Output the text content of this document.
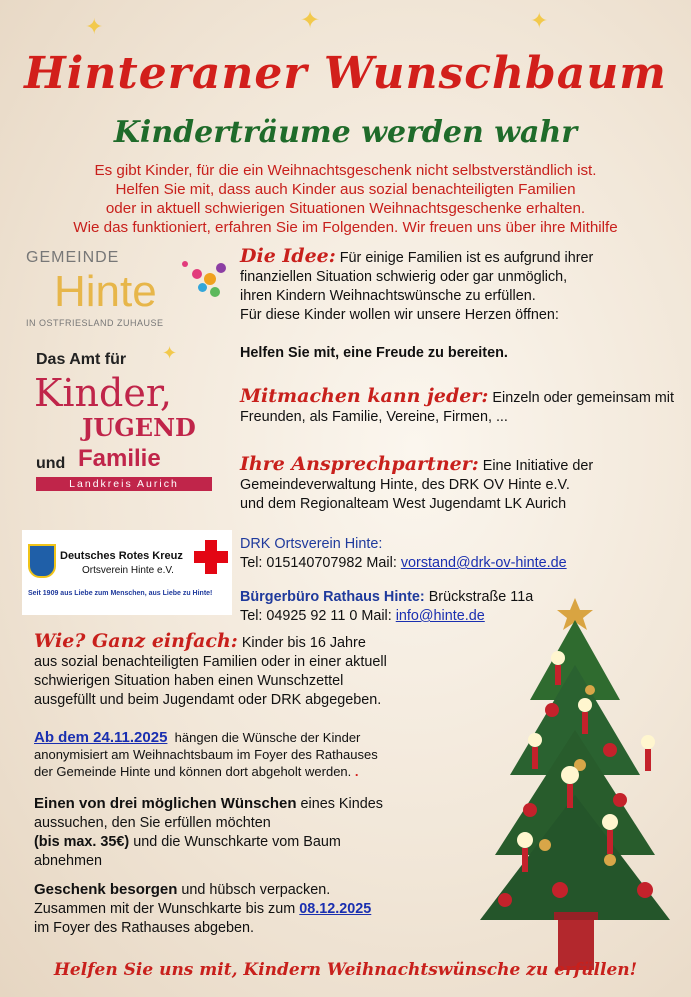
✦	✦	✦
Hinteraner Wunschbaum
Kinderträume werden wahr
Es gibt Kinder, für die ein Weihnachtsgeschenk nicht selbstverständlich ist.
Helfen Sie mit, dass auch Kinder aus sozial benachteiligten Familien
oder in aktuell schwierigen Situationen Weihnachtsgeschenke erhalten.
Wie das funktioniert, erfahren Sie im Folgenden. Wir freuen uns über ihre Mithilfe
GEMEINDE
Hinte
IN OSTFRIESLAND ZUHAUSE
Das Amt für
Kinder,
JUGEND
und Familie
Landkreis Aurich
✦
Deutsches Rotes Kreuz
Ortsverein Hinte e.V.
Seit 1909 aus Liebe zum Menschen, aus Liebe zu Hinte!
Die Idee: Für einige Familien ist es aufgrund ihrer
finanziellen Situation schwierig oder gar unmöglich,
ihren Kindern Weihnachtswünsche zu erfüllen.
Für diese Kinder wollen wir unsere Herzen öffnen:
Helfen Sie mit, eine Freude zu bereiten.
Mitmachen kann jeder: Einzeln oder gemeinsam mit
Freunden, als Familie, Vereine, Firmen, ...
Ihre Ansprechpartner: Eine Initiative der
Gemeindeverwaltung Hinte, des DRK OV Hinte e.V.
und dem Regionalteam West Jugendamt LK Aurich
DRK Ortsverein Hinte:
Tel: 015140707982 Mail: vorstand@drk-ov-hinte.de
Bürgerbüro Rathaus Hinte: Brückstraße 11a
Tel: 04925 92 11 0 Mail: info@hinte.de
Wie? Ganz einfach: Kinder bis 16 Jahre
aus sozial benachteiligten Familien oder in einer aktuell
schwierigen Situation haben einen Wunschzettel
ausgefüllt und beim Jugendamt oder DRK abgegeben.
Ab dem 24.11.2025 hängen die Wünsche der Kinder
anonymisiert am Weihnachtsbaum im Foyer des Rathauses
der Gemeinde Hinte und können dort abgeholt werden. .
Einen von drei möglichen Wünschen eines Kindes
aussuchen, den Sie erfüllen möchten
(bis max. 35€) und die Wunschkarte vom Baum
abnehmen
Geschenk besorgen und hübsch verpacken.
Zusammen mit der Wunschkarte bis zum 08.12.2025
im Foyer des Rathauses abgeben.
Helfen Sie uns mit, Kindern Weihnachtswünsche zu erfüllen!
